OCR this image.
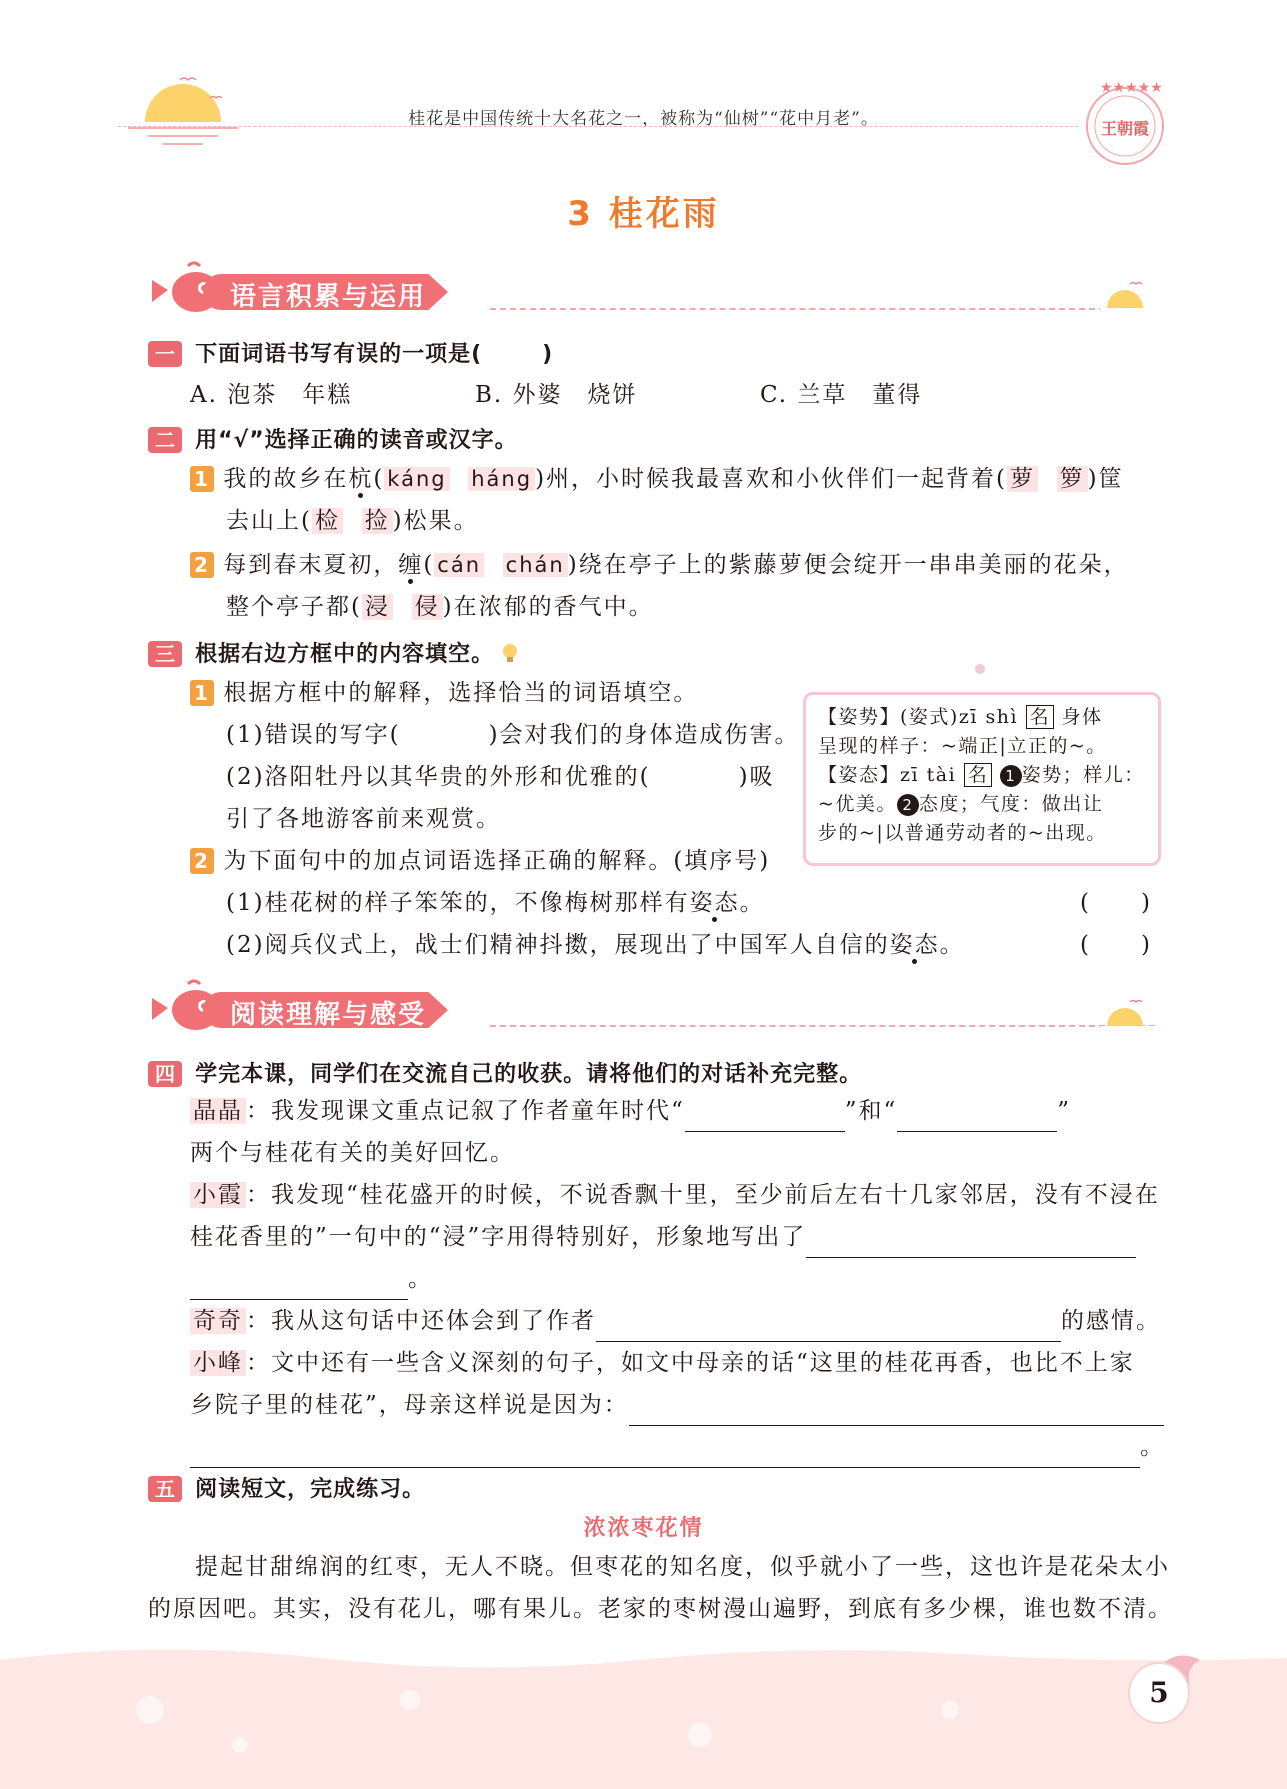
桂花是中国传统十大名花之一，被称为“仙树”“花中月老”。
★★★★★
王朝霞
3 桂花雨
语言积累与运用
一 下面词语书写有误的一项是(	)
A. 泡茶　年糕	B. 外婆　烧饼	C. 兰草　董得
二 用“√”选择正确的读音或汉字。
1 我的故乡在杭( káng háng )州，小时候我最喜欢和小伙伴们一起背着( 萝 箩 )筐
去山上( 检 捡 )松果。
2 每到春末夏初，缠( cán chán )绕在亭子上的紫藤萝便会绽开一串串美丽的花朵，
整个亭子都( 浸 侵 )在浓郁的香气中。
三 根据右边方框中的内容填空。
1 根据方框中的解释，选择恰当的词语填空。
(1)错误的写字(	)会对我们的身体造成伤害。
(2)洛阳牡丹以其华贵的外形和优雅的(	)吸
引了各地游客前来观赏。
【姿势】(姿式)zī shì 名 身体
呈现的样子：~端正|立正的~。
【姿态】zī tài 名 1 姿势；样儿：
~优美。 2 态度；气度：做出让
步的~|以普通劳动者的~出现。
2 为下面句中的加点词语选择正确的解释。(填序号)
(1)桂花树的样子笨笨的，不像梅树那样有姿态。	(　　)
(2)阅兵仪式上，战士们精神抖擞，展现出了中国军人自信的姿态。	(　　)
阅读理解与感受
四 学完本课，同学们在交流自己的收获。请将他们的对话补充完整。
晶晶 ：我发现课文重点记叙了作者童年时代“	”和“	”
两个与桂花有关的美好回忆。
小霞 ：我发现“桂花盛开的时候，不说香飘十里，至少前后左右十几家邻居，没有不浸在
桂花香里的”一句中的“浸”字用得特别好，形象地写出了
。
奇奇 ：我从这句话中还体会到了作者	的感情。
小峰 ：文中还有一些含义深刻的句子，如文中母亲的话“这里的桂花再香，也比不上家
乡院子里的桂花”，母亲这样说是因为：
。
五 阅读短文，完成练习。
浓浓枣花情
提起甘甜绵润的红枣，无人不晓。但枣花的知名度，似乎就小了一些，这也许是花朵太小
的原因吧。其实，没有花儿，哪有果儿。老家的枣树漫山遍野，到底有多少棵，谁也数不清。
5
